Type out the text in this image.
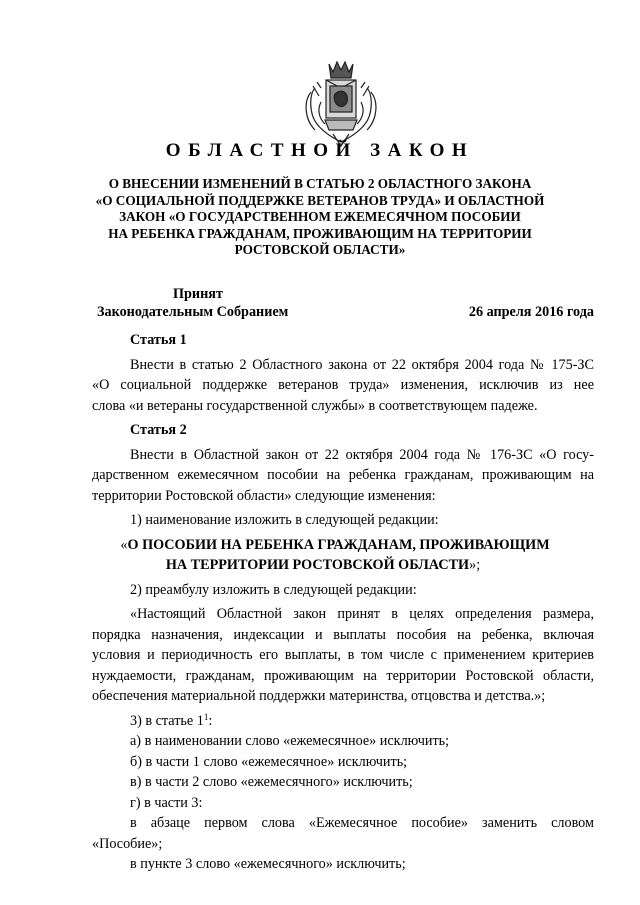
ОБЛАСТНОЙ ЗАКОН
О ВНЕСЕНИИ ИЗМЕНЕНИЙ В СТАТЬЮ 2 ОБЛАСТНОГО ЗАКОНА
«О СОЦИАЛЬНОЙ ПОДДЕРЖКЕ ВЕТЕРАНОВ ТРУДА» И ОБЛАСТНОЙ
ЗАКОН «О ГОСУДАРСТВЕННОМ ЕЖЕМЕСЯЧНОМ ПОСОБИИ
НА РЕБЕНКА ГРАЖДАНАМ, ПРОЖИВАЮЩИМ НА ТЕРРИТОРИИ
РОСТОВСКОЙ ОБЛАСТИ»
Принят
Законодательным Собранием	26 апреля 2016 года
Статья 1
Внести в статью 2 Областного закона от 22 октября 2004 года № 175-ЗС
«О социальной поддержке ветеранов труда» изменения, исключив из нее
слова «и ветераны государственной службы» в соответствующем падеже.
Статья 2
Внести в Областной закон от 22 октября 2004 года № 176-ЗС «О госу-
дарственном ежемесячном пособии на ребенка гражданам, проживающим на
территории Ростовской области» следующие изменения:
1) наименование изложить в следующей редакции:
«О ПОСОБИИ НА РЕБЕНКА ГРАЖДАНАМ, ПРОЖИВАЮЩИМ
НА ТЕРРИТОРИИ РОСТОВСКОЙ ОБЛАСТИ»;
2) преамбулу изложить в следующей редакции:
«Настоящий Областной закон принят в целях определения размера,
порядка назначения, индексации и выплаты пособия на ребенка, включая
условия и периодичность его выплаты, в том числе с применением критериев
нуждаемости, гражданам, проживающим на территории Ростовской области,
обеспечения материальной поддержки материнства, отцовства и детства.»;
3) в статье $1^1$:
а) в наименовании слово «ежемесячное» исключить;
б) в части 1 слово «ежемесячное» исключить;
в) в части 2 слово «ежемесячного» исключить;
г) в части 3:
в абзаце первом слова «Ежемесячное пособие» заменить словом
«Пособие»;
в пункте 3 слово «ежемесячного» исключить;
